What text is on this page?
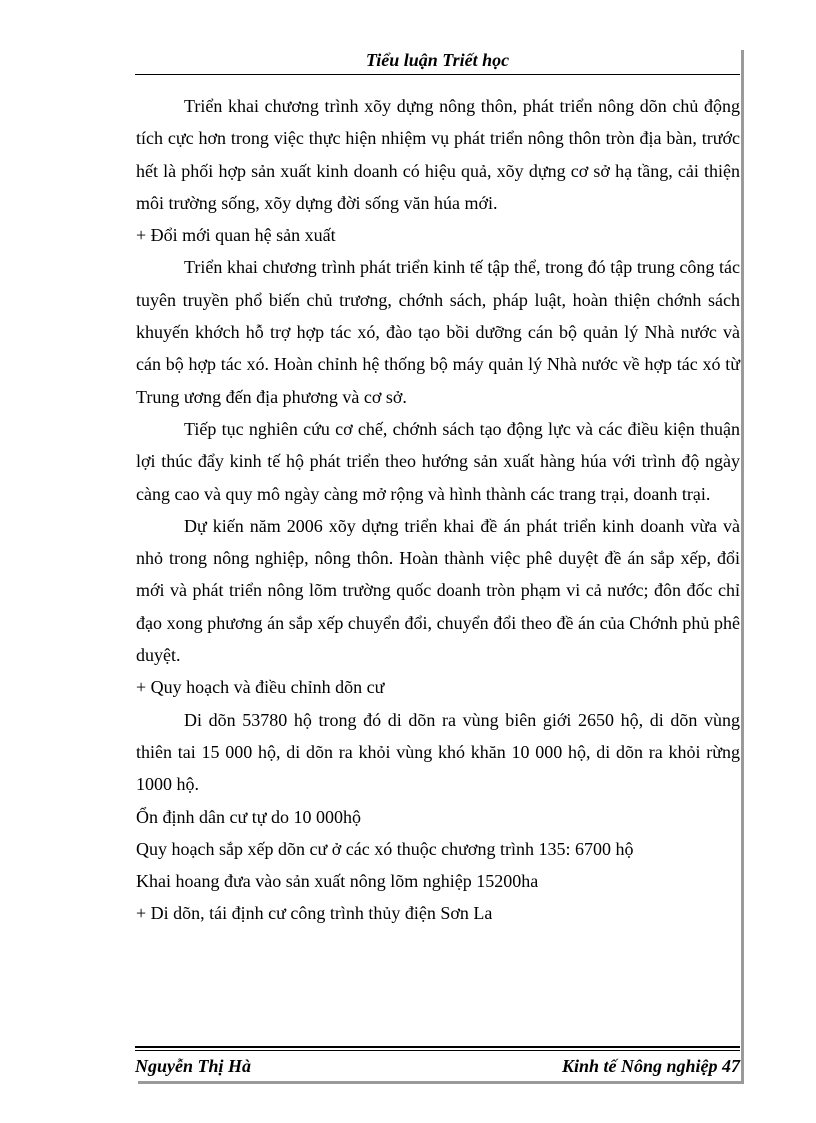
Tiểu luận Triết học

Triển khai chương trình xõy dựng nông thôn, phát triển nông dõn chủ động tích cực hơn trong việc thực hiện nhiệm vụ phát triển nông thôn tròn địa bàn, trước hết là phối hợp sản xuất kinh doanh có hiệu quả, xõy dựng cơ sở hạ tầng, cải thiện môi trường sống, xõy dựng đời sống văn húa mới.

+ Đổi mới quan hệ sản xuất

Triển khai chương trình phát triển kinh tế tập thể, trong đó tập trung công tác tuyên truyền phổ biến chủ trương, chớnh sách, pháp luật, hoàn thiện chớnh sách khuyến khớch hỗ trợ hợp tác xó, đào tạo bồi dưỡng cán bộ quản lý Nhà nước và cán bộ hợp tác xó. Hoàn chỉnh hệ thống bộ máy quản lý Nhà nước về hợp tác xó từ Trung ương đến địa phương và cơ sở.

Tiếp tục nghiên cứu cơ chế, chớnh sách tạo động lực và các điều kiện thuận lợi thúc đẩy kinh tế hộ phát triển theo hướng sản xuất hàng húa với trình độ ngày càng cao và quy mô ngày càng mở rộng và hình thành các trang trại, doanh trại.

Dự kiến năm 2006 xõy dựng triển khai đề án phát triển kinh doanh vừa và nhỏ trong nông nghiệp, nông thôn. Hoàn thành việc phê duyệt đề án sắp xếp, đổi mới và phát triển nông lõm trường quốc doanh tròn phạm vi cả nước; đôn đốc chỉ đạo xong phương án sắp xếp chuyển đổi, chuyển đổi theo đề án của Chớnh phủ phê duyệt.

+ Quy hoạch và điều chỉnh dõn cư

Di dõn 53780 hộ trong đó di dõn ra vùng biên giới 2650 hộ, di dõn vùng thiên tai 15 000 hộ, di dõn ra khỏi vùng khó khăn 10 000 hộ, di dõn ra khỏi rừng 1000 hộ.

Ổn định dân cư tự do 10 000hộ

Quy hoạch sắp xếp dõn cư ở các xó thuộc chương trình 135: 6700 hộ

Khai hoang đưa vào sản xuất nông lõm nghiệp 15200ha

+ Di dõn, tái định cư công trình thủy điện Sơn La

Nguyễn Thị Hà	Kinh tế Nông nghiệp 47
